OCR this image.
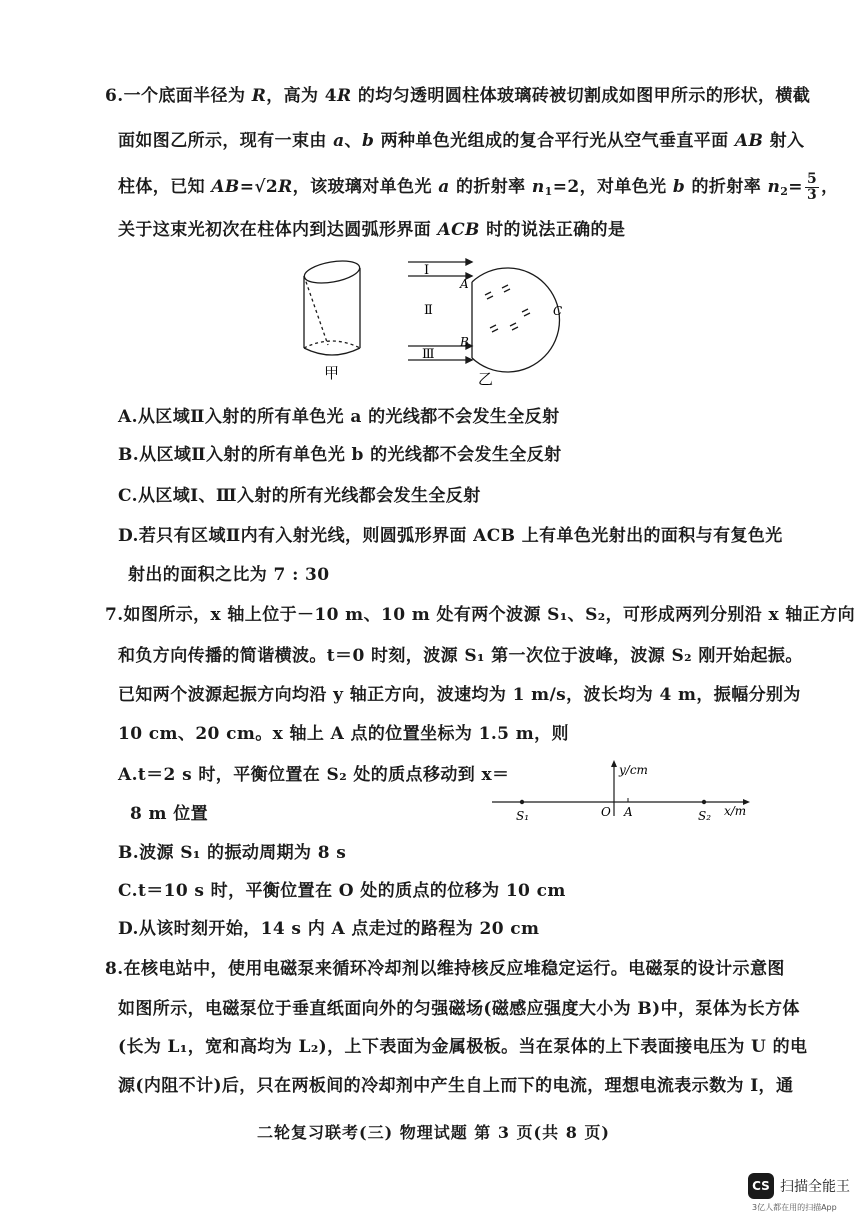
6.一个底面半径为 R，高为 4R 的均匀透明圆柱体玻璃砖被切割成如图甲所示的形状，横截
面如图乙所示，现有一束由 a、b 两种单色光组成的复合平行光从空气垂直平面 AB 射入
柱体，已知 AB=√2R，该玻璃对单色光 a 的折射率 $n_1=2$，对单色光 b 的折射率 $n_2= \frac{5}{3}$ ，
关于这束光初次在柱体内到达圆弧形界面 ACB 时的说法正确的是
甲
Ⅰ
Ⅱ
Ⅲ
A
B
C
乙
A.从区域Ⅱ入射的所有单色光 a 的光线都不会发生全反射
B.从区域Ⅱ入射的所有单色光 b 的光线都不会发生全反射
C.从区域Ⅰ、Ⅲ入射的所有光线都会发生全反射
D.若只有区域Ⅱ内有入射光线，则圆弧形界面 ACB 上有单色光射出的面积与有复色光
射出的面积之比为 7 : 30
7.如图所示，x 轴上位于－10 m、10 m 处有两个波源 S₁、S₂，可形成两列分别沿 x 轴正方向
和负方向传播的简谐横波。t＝0 时刻，波源 S₁ 第一次位于波峰，波源 S₂ 刚开始起振。
已知两个波源起振方向均沿 y 轴正方向，波速均为 1 m/s，波长均为 4 m，振幅分别为
10 cm、20 cm。x 轴上 A 点的位置坐标为 1.5 m，则
A.t＝2 s 时，平衡位置在 S₂ 处的质点移动到 x＝
8 m 位置
B.波源 S₁ 的振动周期为 8 s
C.t＝10 s 时，平衡位置在 O 处的质点的位移为 10 cm
D.从该时刻开始，14 s 内 A 点走过的路程为 20 cm
y/cm
x/m
S₁	S₂
O A
8.在核电站中，使用电磁泵来循环冷却剂以维持核反应堆稳定运行。电磁泵的设计示意图
如图所示，电磁泵位于垂直纸面向外的匀强磁场(磁感应强度大小为 B)中，泵体为长方体
(长为 L₁，宽和高均为 L₂)，上下表面为金属极板。当在泵体的上下表面接电压为 U 的电
源(内阻不计)后，只在两板间的冷却剂中产生自上而下的电流，理想电流表示数为 I，通
二轮复习联考(三) 物理试题 第 3 页(共 8 页)
CS 扫描全能王
3亿人都在用的扫描App
